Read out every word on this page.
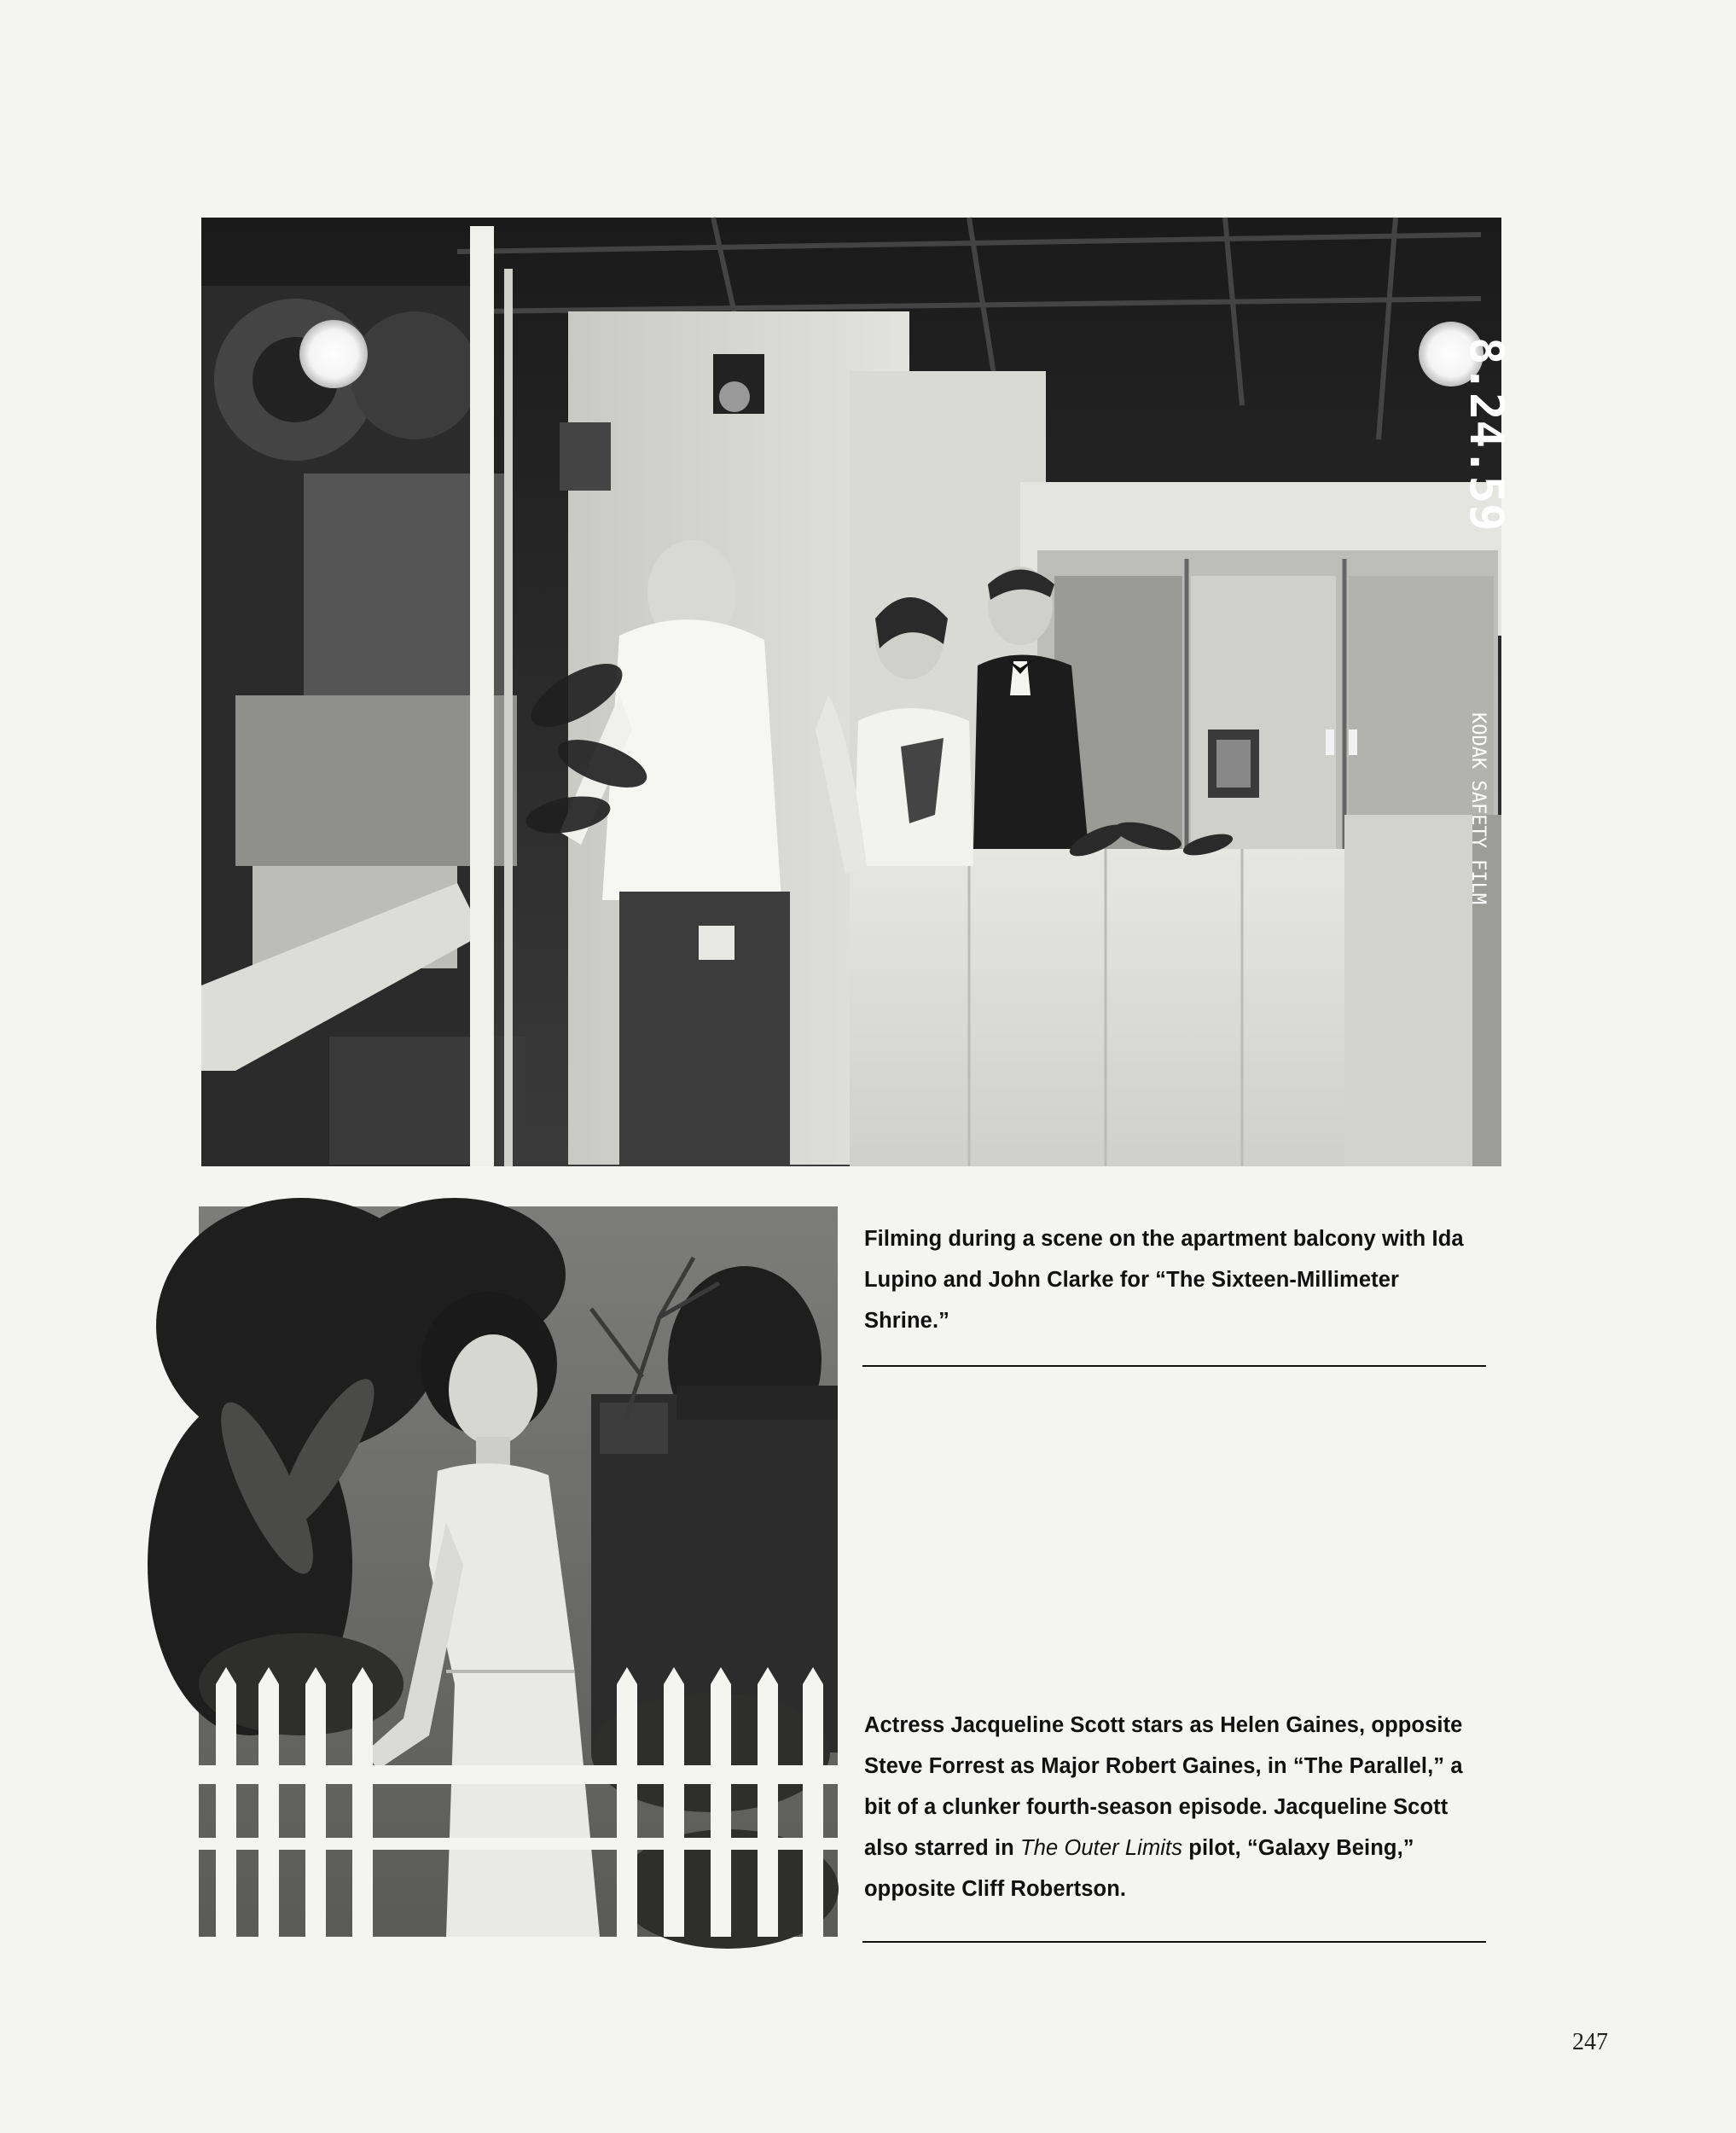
8.24.59
KODAK SAFETY FILM
Filming during a scene on the apartment balcony with Ida Lupino and John Clarke for “The Sixteen-Millimeter Shrine.”
Actress Jacqueline Scott stars as Helen Gaines, opposite Steve Forrest as Major Robert Gaines, in “The Parallel,” a bit of a clunker fourth-season episode. Jacqueline Scott also starred in The Outer Limits pilot, “Galaxy Being,” opposite Cliff Robertson.
247
